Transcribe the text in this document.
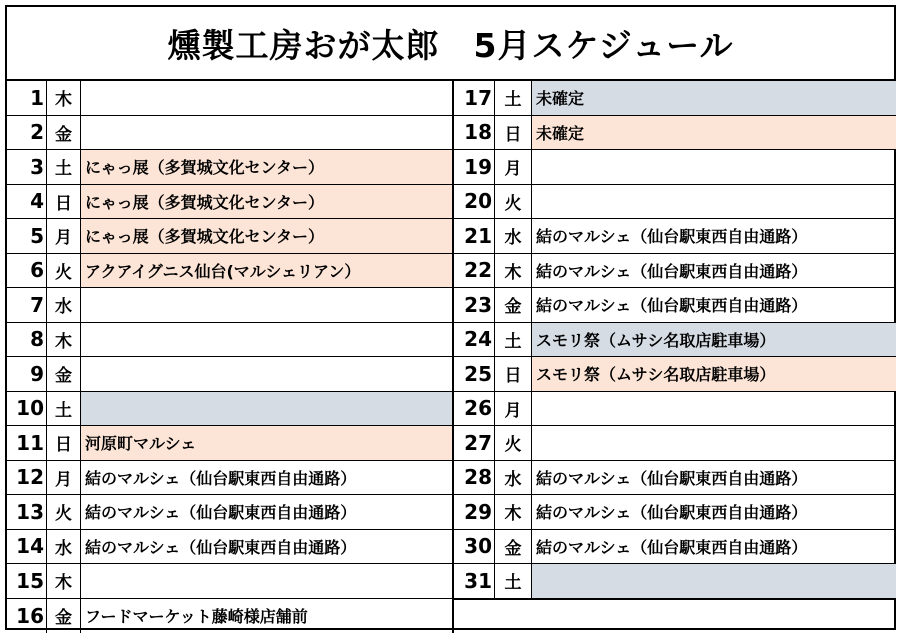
燻製工房おが太郎　5月スケジュール
1 木
2 金
3 土 にゃっ展（多賀城文化センター）
4 日 にゃっ展（多賀城文化センター）
5 月 にゃっ展（多賀城文化センター）
6 火 アクアイグニス仙台(マルシェリアン）
7 水
8 木
9 金
10 土
11 日 河原町マルシェ
12 月 結のマルシェ（仙台駅東西自由通路）
13 火 結のマルシェ（仙台駅東西自由通路）
14 水 結のマルシェ（仙台駅東西自由通路）
15 木
16 金 フードマーケット藤崎様店舗前
17 土 未確定
18 日 未確定
19 月
20 火
21 水 結のマルシェ（仙台駅東西自由通路）
22 木 結のマルシェ（仙台駅東西自由通路）
23 金 結のマルシェ（仙台駅東西自由通路）
24 土 スモリ祭（ムサシ名取店駐車場）
25 日 スモリ祭（ムサシ名取店駐車場）
26 月
27 火
28 水 結のマルシェ（仙台駅東西自由通路）
29 木 結のマルシェ（仙台駅東西自由通路）
30 金 結のマルシェ（仙台駅東西自由通路）
31 土
